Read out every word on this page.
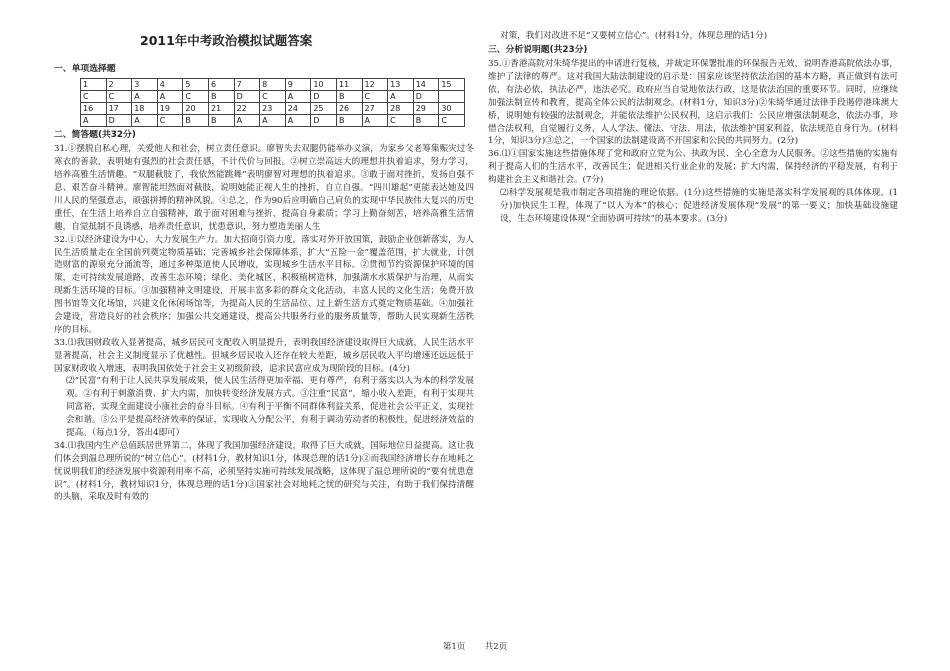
2011年中考政治模拟试题答案
一、单项选择题
1	2	3	4	5	6	7	8	9	10	11	12	13	14	15
C	C	A	A	C	B	D	C	A	D	B	C	A	D	
16	17	18	19	20	21	22	23	24	25	26	27	28	29	30
A	D	A	C	B	B	A	A	A	D	B	A	C	B	C
二、简答题(共32分)

31.①摆脱自私心理，关爱他人和社会，树立责任意识。廖智失去双腿仍能举办义演，为家乡父老筹集赈灾过冬寒衣的善款，表明她有强烈的社会责任感，不计代价与回报。②树立崇高远大的理想并执着追求，努力学习，培养高雅生活情趣。“双腿截肢了，我依然能跳舞”表明廖智对理想的执着追求。③敢于面对挫折，发扬自强不息、艰苦奋斗精神。廖智能坦然面对截肢，说明她能正视人生的挫折，自立自强。“四川雄起”更能表达她及四川人民的坚强意志，顽强拼搏的精神风貌。④总之，作为90后应明确自己肩负的实现中华民族伟大复兴的历史重任，在生活上培养自立自强精神，敢于面对困难与挫折，提高自身素质；学习上勤奋刻苦，培养高雅生活情趣，自觉抵制不良诱惑，培养责任意识，忧患意识，努力塑造美丽人生

32.①以经济建设为中心，大力发展生产力。加大招商引资力度，落实对外开放国策，鼓励企业创新落实，为人民生活质量走在全国前列奠定物质基础；完善城乡社会保障体系，扩大“五险一金”覆盖范围，扩大就业，计创造财富的源泉充分涌流等，通过多种渠道使人民增收，实现城乡生活水平目标。②贯彻节约资源保护环境的国策，走可持续发展道路，改善生态环境；绿化、美化城区，积极植树造林，加强湖水水质保护与治理，从而实现新生活环境的目标。③加强精神文明建设，开展丰富多彩的群众文化活动，丰富人民的文化生活；免费开放图书馆等文化场馆，兴建文化休闲场馆等，为提高人民的生活品位、过上新生活方式奠定物质基础。④加强社会建设，营造良好的社会秩序；加强公共交通建设，提高公共服务行业的服务质量等，帮助人民实现新生活秩序的目标。

33.⑴我国财政收入显著提高，城乡居民可支配收入明显提升，表明我国经济建设取得巨大成就，人民生活水平显著提高，社会主义制度显示了优越性。但城乡居民收入还存在较大差距，城乡居民收入平均增速还远远低于国家财政收入增速，表明我国依处于社会主义初级阶段，追求民富应成为现阶段的目标。(4分)

⑵“民富”有利于让人民共享发展成果，使人民生活得更加幸福、更有尊严，有利于落实以人为本的科学发展观。②有利于刺激消费、扩大内需，加快转变经济发展方式。③注重“民富”，缩小收入差距，有利于实现共同富裕，实现全面建设小康社会的奋斗目标。④有利于平衡不同群体利益关系，促进社会公平正义，实现社会和谐。⑤公平是提高经济效率的保证，实现收入分配公平，有利于调动劳动者的积极性，促进经济效益的提高。（每点1分，答出4即可）

34.⑴我国内生产总值跃居世界第二，体现了我国加强经济建设，取得了巨大成就，国际地位日益提高。这让我们体会到温总理所说的“树立信心”。(材料1分，教材知识1分，体现总理的话1分)②而我国经济增长存在地耗之忧说明我们的经济发展中资源利用率不高，必须坚持实施可持续发展战略，这体现了温总理所说的“要有忧患意识”。(材料1分，教材知识1分，体现总理的话1分)③国家社会对地耗之忧的研究与关注，有助于我们保持清醒的头脑，采取及时有效的

对策，我们对改进不足“又要树立信心”。(材料1分，体现总理的话1分)

三、分析说明题(共23分)

35.①香港高院对朱绮华提出的申请进行复核，并裁定环保署批准的环保报告无效，说明香港高院依法办事，维护了法律的尊严。这对我国大陆法制建设的启示是：国家应该坚持依法治国的基本方略，真正做到有法可依，有法必依，执法必严，违法必究。政府应当自觉地依法行政，这是依法治国的重要环节。同时，应继续加强法制宣传和教育，提高全体公民的法制观念。(材料1分，知识3分)②朱绮华通过法律手段遏停港珠澳大桥，说明她有较强的法制观念，并能依法维护公民权利，这启示我们：公民应增强法制观念，依法办事，珍惜合法权利，自觉履行义务，人人学法、懂法、守法、用法，依法维护国家利益，依法规范自身行为。(材料1分，知识3分)③总之，一个国家的法制建设离不开国家和公民的共同努力。(2分)

36.⑴①国家实施这些措施体现了党和政府立党为公、执政为民、全心全意为人民服务。②这些措施的实施有利于提高人们的生活水平，改善民生；促进相关行业企业的发展；扩大内需，保持经济的平稳发展，有利于构建社会主义和谐社会。(7分)

⑵科学发展观是我市制定各项措施的理论依据。(1分)这些措施的实施是落实科学发展观的具体体现。(1分)加快民生工程，体现了“以人为本”的核心；促进经济发展体现“发展”的第一要义；加快基础设施建设，生态环境建设体现“全面协调可持续”的基本要求。(3分)

第1页 共2页
